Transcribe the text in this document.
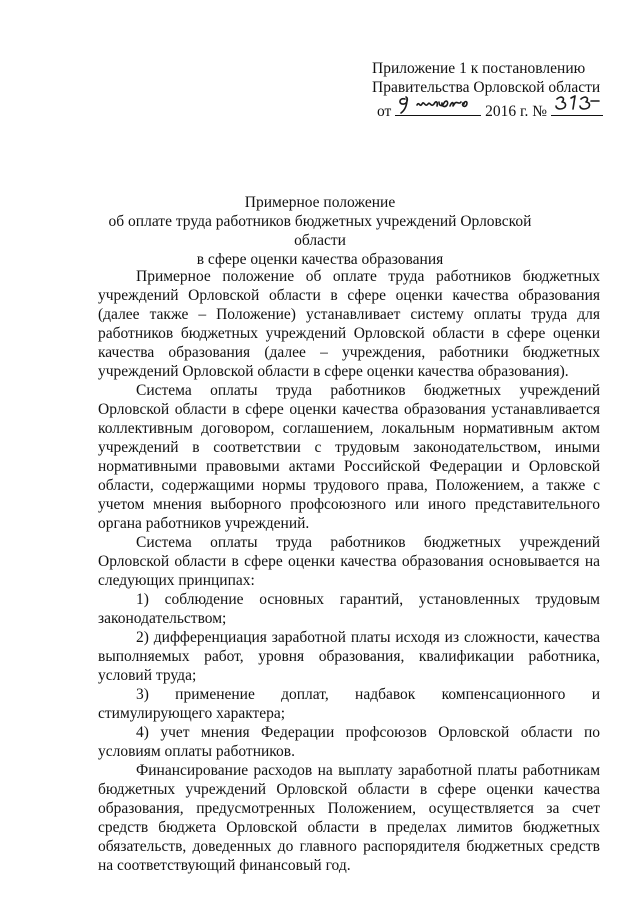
Приложение 1 к постановлению
Правительства Орловской области
от	2016 г. №
Примерное положение
об оплате труда работников бюджетных учреждений Орловской области
в сфере оценки качества образования

Примерное положение об оплате труда работников бюджетных учреждений Орловской области в сфере оценки качества образования (далее также – Положение) устанавливает систему оплаты труда для работников бюджетных учреждений Орловской области в сфере оценки качества образования (далее – учреждения, работники бюджетных учреждений Орловской области в сфере оценки качества образования).

Система оплаты труда работников бюджетных учреждений Орловской области в сфере оценки качества образования устанавливается коллективным договором, соглашением, локальным нормативным актом учреждений в соответствии с трудовым законодательством, иными нормативными правовыми актами Российской Федерации и Орловской области, содержащими нормы трудового права, Положением, а также с учетом мнения выборного профсоюзного или иного представительного органа работников учреждений.

Система оплаты труда работников бюджетных учреждений Орловской области в сфере оценки качества образования основывается на следующих принципах:

1) соблюдение основных гарантий, установленных трудовым законодательством;

2) дифференциация заработной платы исходя из сложности, качества выполняемых работ, уровня образования, квалификации работника, условий труда;

3) применение доплат, надбавок компенсационного и стимулирующего характера;

4) учет мнения Федерации профсоюзов Орловской области по условиям оплаты работников.

Финансирование расходов на выплату заработной платы работникам бюджетных учреждений Орловской области в сфере оценки качества образования, предусмотренных Положением, осуществляется за счет средств бюджета Орловской области в пределах лимитов бюджетных обязательств, доведенных до главного распорядителя бюджетных средств на соответствующий финансовый год.
